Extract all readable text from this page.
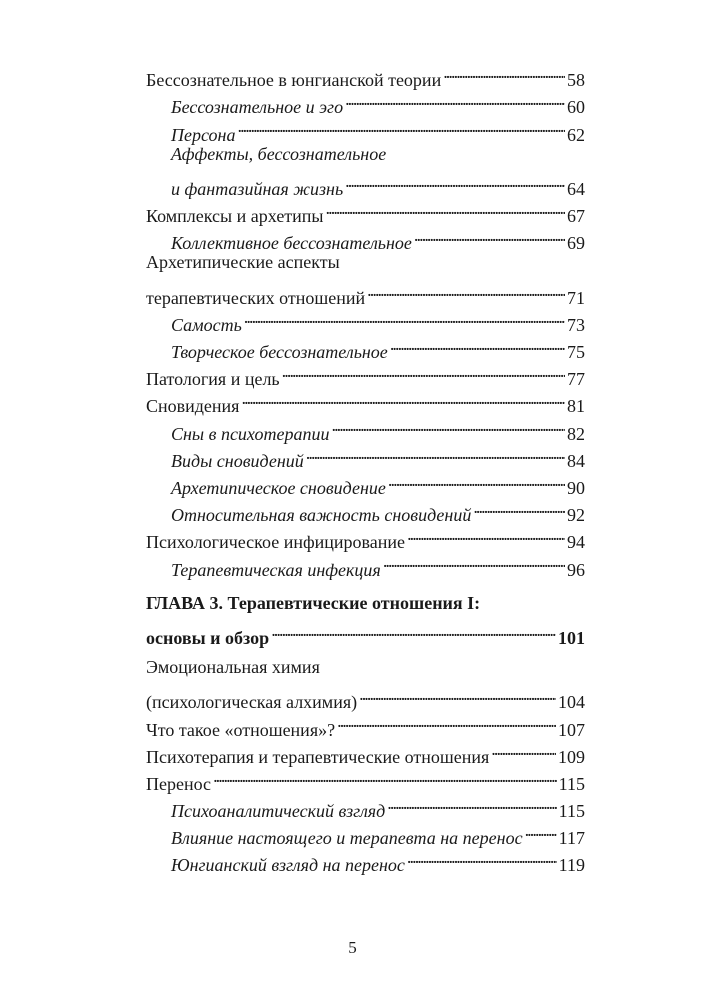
Бессознательное в юнгианской теории . . .	58
Бессознательное и эго . . .	60
Персона . . .	62
Аффекты, бессознательное
и фантазийная жизнь . . .	64
Комплексы и архетипы . . .	67
Коллективное бессознательное . . .	69
Архетипические аспекты
терапевтических отношений . . .	71
Самость . . .	73
Творческое бессознательное . . .	75
Патология и цель . . .	77
Сновидения . . .	81
Сны в психотерапии . . .	82
Виды сновидений . . .	84
Архетипическое сновидение . . .	90
Относительная важность сновидений . . .	92
Психологическое инфицирование . . .	94
Терапевтическая инфекция . . .	96
ГЛАВА 3. Терапевтические отношения I:
основы и обзор . . .	101
Эмоциональная химия
(психологическая алхимия) . . .	104
Что такое «отношения»? . . .	107
Психотерапия и терапевтические отношения . . .	109
Перенос . . .	115
Психоаналитический взгляд . . .	115
Влияние настоящего и терапевта на перенос . . . 117
Юнгианский взгляд на перенос . . .	119
5
